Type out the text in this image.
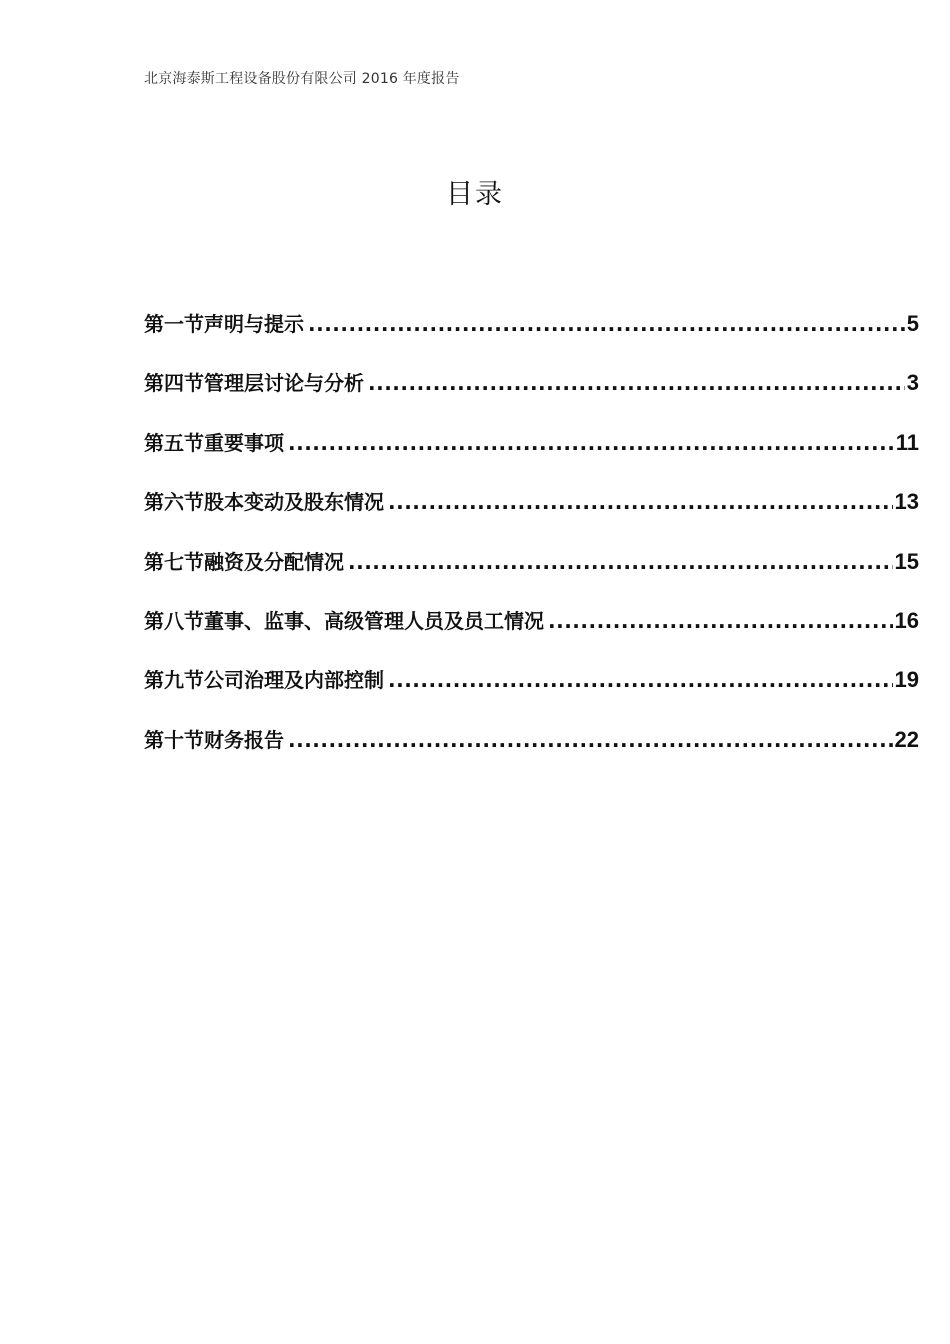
北京海泰斯工程设备股份有限公司 2016 年度报告
目录
第一节声明与提示 .....	5
第四节管理层讨论与分析 .....	3
第五节重要事项 .....	11
第六节股本变动及股东情况 .....	13
第七节融资及分配情况 .....	15
第八节董事、监事、高级管理人员及员工情况 .....	16
第九节公司治理及内部控制 .....	19
第十节财务报告 .....	22
